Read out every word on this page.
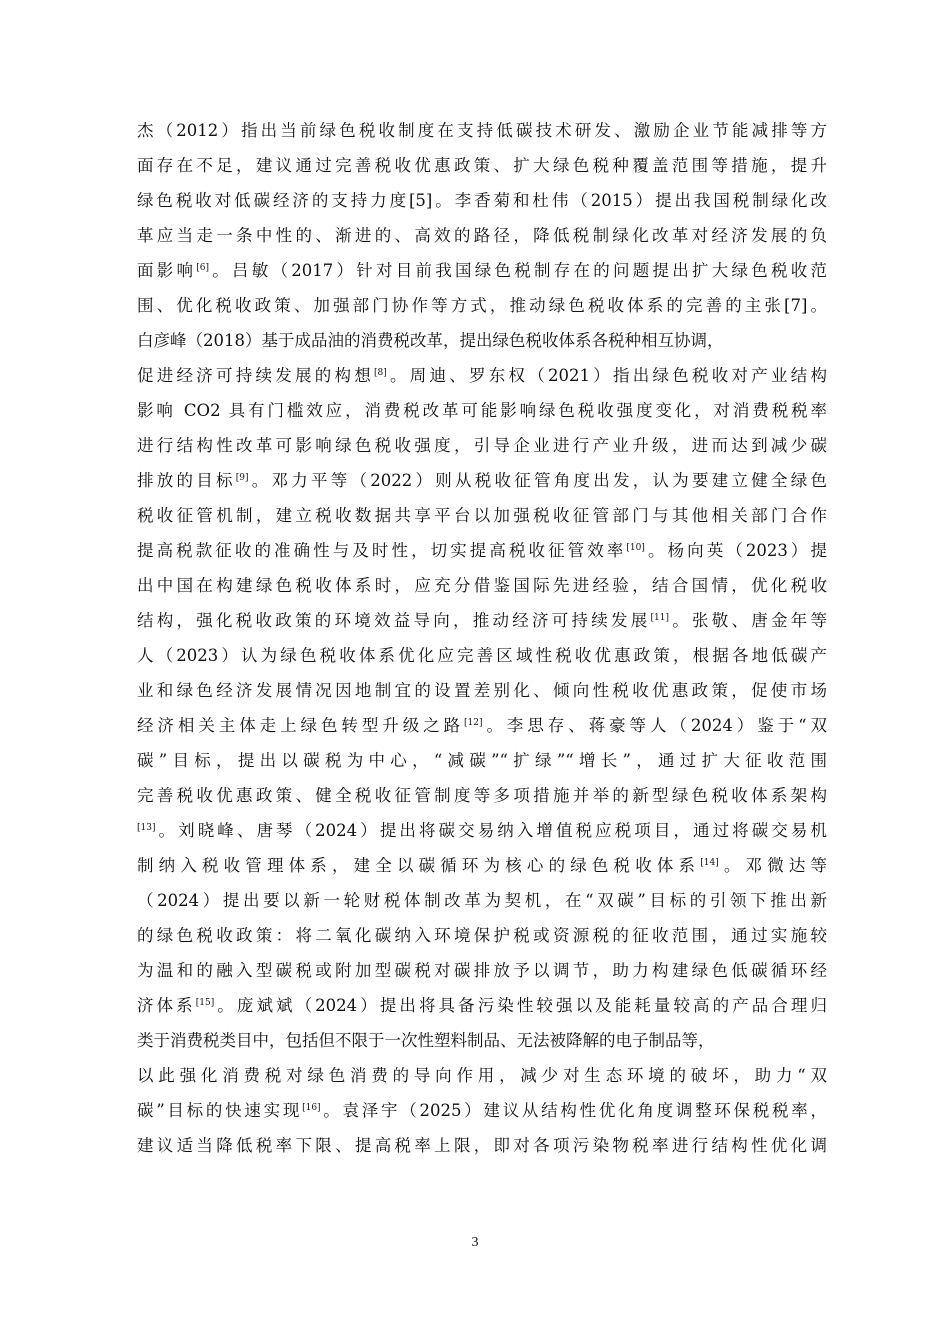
杰（2012）指出当前绿色税收制度在支持低碳技术研发、激励企业节能减排等方
面存在不足，建议通过完善税收优惠政策、扩大绿色税种覆盖范围等措施，提升
绿色税收对低碳经济的支持力度[5]。李香菊和杜伟（2015）提出我国税制绿化改
革应当走一条中性的、渐进的、高效的路径，降低税制绿化改革对经济发展的负
面影响[6]。吕敏（2017）针对目前我国绿色税制存在的问题提出扩大绿色税收范
围、优化税收政策、加强部门协作等方式，推动绿色税收体系的完善的主张[7]。
白彦峰（2018）基于成品油的消费税改革，提出绿色税收体系各税种相互协调，
促进经济可持续发展的构想[8]。周迪、罗东权（2021）指出绿色税收对产业结构
影响 CO2 具有门槛效应，消费税改革可能影响绿色税收强度变化，对消费税税率
进行结构性改革可影响绿色税收强度，引导企业进行产业升级，进而达到减少碳
排放的目标[9]。邓力平等（2022）则从税收征管角度出发，认为要建立健全绿色
税收征管机制，建立税收数据共享平台以加强税收征管部门与其他相关部门合作
提高税款征收的准确性与及时性，切实提高税收征管效率[10]。杨向英（2023）提
出中国在构建绿色税收体系时，应充分借鉴国际先进经验，结合国情，优化税收
结构，强化税收政策的环境效益导向，推动经济可持续发展[11]。张敬、唐金年等
人（2023）认为绿色税收体系优化应完善区域性税收优惠政策，根据各地低碳产
业和绿色经济发展情况因地制宜的设置差别化、倾向性税收优惠政策，促使市场
经济相关主体走上绿色转型升级之路[12]。李思存、蒋豪等人（2024）鉴于“双
碳”目标，提出以碳税为中心，“减碳”“扩绿”“增长”，通过扩大征收范围
完善税收优惠政策、健全税收征管制度等多项措施并举的新型绿色税收体系架构
[13]。刘晓峰、唐琴（2024）提出将碳交易纳入增值税应税项目，通过将碳交易机
制纳入税收管理体系，建全以碳循环为核心的绿色税收体系[14]。邓微达等
（2024）提出要以新一轮财税体制改革为契机，在“双碳”目标的引领下推出新
的绿色税收政策：将二氧化碳纳入环境保护税或资源税的征收范围，通过实施较
为温和的融入型碳税或附加型碳税对碳排放予以调节，助力构建绿色低碳循环经
济体系[15]。庞斌斌（2024）提出将具备污染性较强以及能耗量较高的产品合理归
类于消费税类目中，包括但不限于一次性塑料制品、无法被降解的电子制品等，
以此强化消费税对绿色消费的导向作用，减少对生态环境的破坏，助力“双
碳”目标的快速实现[16]。袁泽宇（2025）建议从结构性优化角度调整环保税税率，
建议适当降低税率下限、提高税率上限，即对各项污染物税率进行结构性优化调
3
